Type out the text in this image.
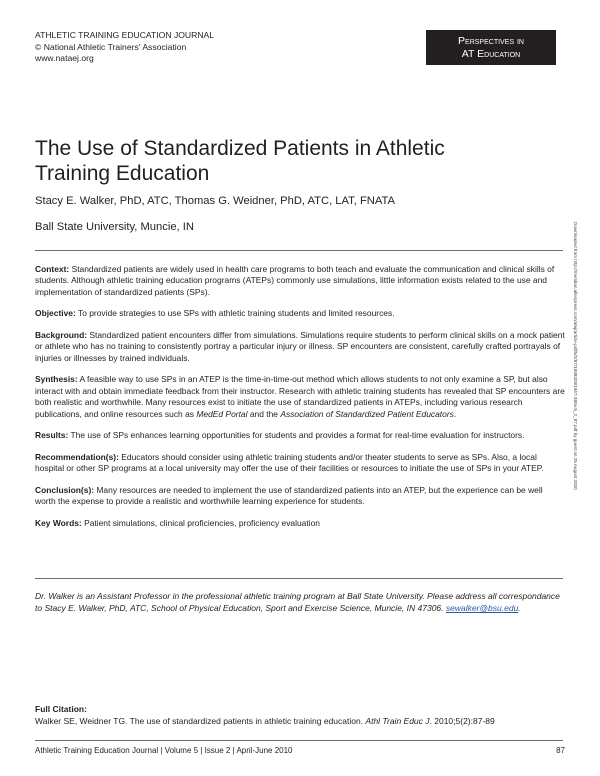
ATHLETIC TRAINING EDUCATION JOURNAL
© National Athletic Trainers' Association
www.nataej.org
Perspectives in
AT Education
The Use of Standardized Patients in Athletic Training Education
Stacy E. Walker, PhD, ATC, Thomas G. Weidner, PhD, ATC, LAT, FNATA
Ball State University, Muncie, IN

Context: Standardized patients are widely used in health care programs to both teach and evaluate the communication and clinical skills of students. Although athletic training education programs (ATEPs) commonly use simulations, little information exists related to the use and implementation of standardized patients (SPs).

Objective: To provide strategies to use SPs with athletic training students and limited resources.

Background: Standardized patient encounters differ from simulations. Simulations require students to perform clinical skills on a mock patient or athlete who has no training to consistently portray a particular injury or illness. SP encounters are consistent, carefully crafted portrayals of injuries or illnesses by trained individuals.

Synthesis: A feasible way to use SPs in an ATEP is the time-in-time-out method which allows students to not only examine a SP, but also interact with and obtain immediate feedback from their instructor. Research with athletic training students has revealed that SP encounters are both realistic and worthwhile. Many resources exist to initiate the use of standardized patients in ATEPs, including various research publications, and online resources such as MedEd Portal and the Association of Standardized Patient Educators.

Results: The use of SPs enhances learning opportunities for students and provides a format for real-time evaluation for instructors.

Recommendation(s): Educators should consider using athletic training students and/or theater students to serve as SPs. Also, a local hospital or other SP programs at a local university may offer the use of their facilities or resources to initiate the use of SPs in your ATEP.

Conclusion(s): Many resources are needed to implement the use of standardized patients into an ATEP, but the experience can be well worth the expense to provide a realistic and worthwhile learning experience for students.

Key Words: Patient simulations, clinical proficiencies, proficiency evaluation

Dr. Walker is an Assistant Professor in the professional athletic training program at Ball State University. Please address all correspondance to Stacy E. Walker, PhD, ATC, School of Physical Education, Sport and Exercise Science, Muncie, IN 47306. sewalker@bsu.edu.
Full Citation:
Walker SE, Weidner TG. The use of standardized patients in athletic training education. Athl Train Educ J. 2010;5(2):87-89
Athletic Training Education Journal | Volume 5 | Issue 2 | April-June 2010	87
Downloaded from http://meridian.allenpress.com/atej/article-pdf/5/2/87/1938328/1947-380x-5_2_87.pdf by guest on 25 August 2020
